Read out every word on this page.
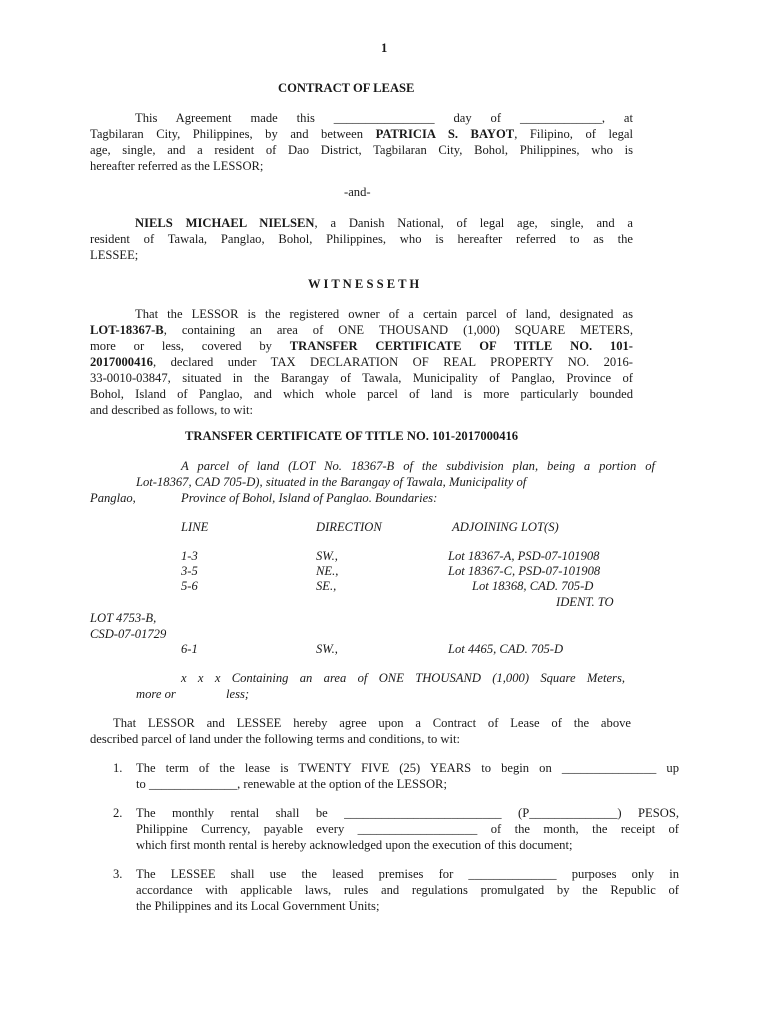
1
CONTRACT OF LEASE
This Agreement made this ________________ day of _____________, at
Tagbilaran City, Philippines, by and between PATRICIA S. BAYOT, Filipino, of legal
age, single, and a resident of Dao District, Tagbilaran City, Bohol, Philippines, who is
hereafter referred as the LESSOR;
-and-
NIELS MICHAEL NIELSEN, a Danish National, of legal age, single, and a
resident of Tawala, Panglao, Bohol, Philippines, who is hereafter referred to as the
LESSEE;
W I T N E S S E T H
That the LESSOR is the registered owner of a certain parcel of land, designated as
LOT-18367-B, containing an area of ONE THOUSAND (1,000) SQUARE METERS,
more or less, covered by TRANSFER CERTIFICATE OF TITLE NO. 101-
2017000416, declared under TAX DECLARATION OF REAL PROPERTY NO. 2016-
33-0010-03847, situated in the Barangay of Tawala, Municipality of Panglao, Province of
Bohol, Island of Panglao, and which whole parcel of land is more particularly bounded
and described as follows, to wit:
TRANSFER CERTIFICATE OF TITLE NO. 101-2017000416
A parcel of land (LOT No. 18367-B of the subdivision plan, being a portion of
Lot-18367, CAD 705-D), situated in the Barangay of Tawala, Municipality of
Panglao,	Province of Bohol, Island of Panglao. Boundaries:
LINE	DIRECTION	ADJOINING LOT(S)
1-3	SW.,	Lot 18367-A, PSD-07-101908
3-5	NE.,	Lot 18367-C, PSD-07-101908
5-6	SE.,	Lot 18368, CAD. 705-D
IDENT. TO
LOT 4753-B,
CSD-07-01729
6-1	SW.,	Lot 4465, CAD. 705-D
x x x Containing an area of ONE THOUSAND (1,000) Square Meters,
more or	less;
That LESSOR and LESSEE hereby agree upon a Contract of Lease of the above
described parcel of land under the following terms and conditions, to wit:
1. The term of the lease is TWENTY FIVE (25) YEARS to begin on _______________ up
to ______________, renewable at the option of the LESSOR;
2. The monthly rental shall be _________________________ (P______________) PESOS,
Philippine Currency, payable every ___________________ of the month, the receipt of
which first month rental is hereby acknowledged upon the execution of this document;
3. The LESSEE shall use the leased premises for ______________ purposes only in
accordance with applicable laws, rules and regulations promulgated by the Republic of
the Philippines and its Local Government Units;
